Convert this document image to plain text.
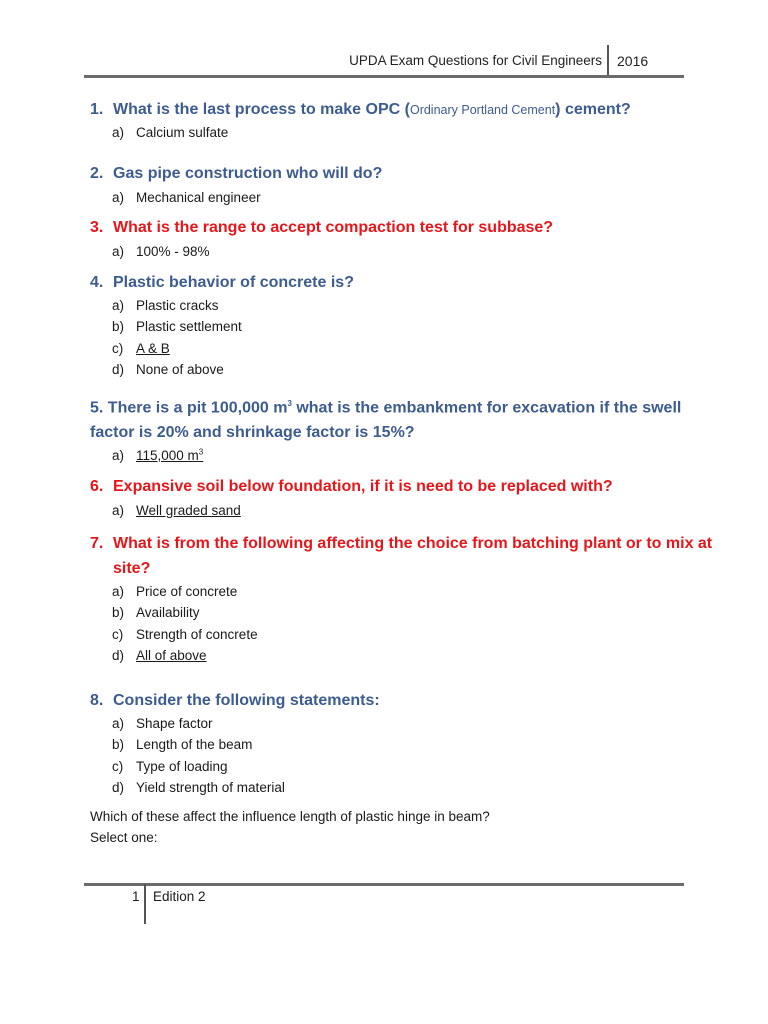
UPDA Exam Questions for Civil Engineers 2016
1. What is the last process to make OPC (Ordinary Portland Cement) cement?
a) Calcium sulfate
2. Gas pipe construction who will do?
a) Mechanical engineer
3. What is the range to accept compaction test for subbase?
a) 100% - 98%
4. Plastic behavior of concrete is?
a) Plastic cracks
b) Plastic settlement
c) A & B
d) None of above
5. There is a pit 100,000 $m^3$ what is the embankment for excavation if the swell
factor is 20% and shrinkage factor is 15%?
a) 115,000 $m^3$
6. Expansive soil below foundation, if it is need to be replaced with?
a) Well graded sand
7. What is from the following affecting the choice from batching plant or to mix at
site?
a) Price of concrete
b) Availability
c) Strength of concrete
d) All of above
8. Consider the following statements:
a) Shape factor
b) Length of the beam
c) Type of loading
d) Yield strength of material
Which of these affect the influence length of plastic hinge in beam?
Select one:
1 Edition 2
